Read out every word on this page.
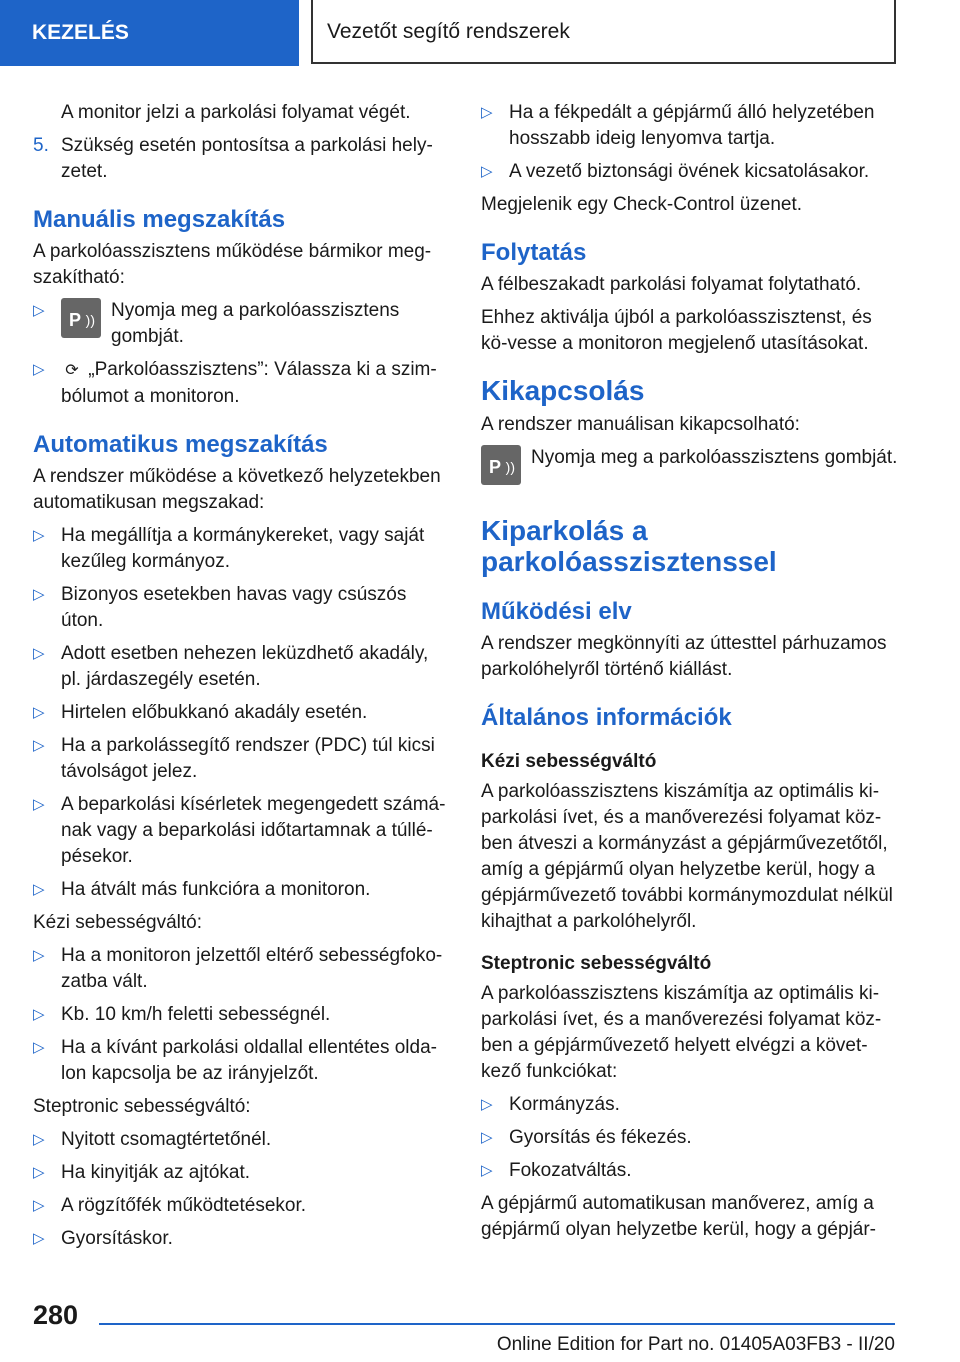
KEZELÉS	Vezetőt segítő rendszerek

A monitor jelzi a parkolási folyamat végét.

5. Szükség esetén pontosítsa a parkolási hely-zetet.
Manuális megszakítás

A parkolóasszisztens működése bármikor meg-szakítható:

▷ P )) Nyomja meg a parkolóasszisztens gombját.
▷ ⟳ „Parkolóasszisztens”: Válassza ki a szim-bólumot a monitoron.
Automatikus megszakítás

A rendszer működése a következő helyzetekben automatikusan megszakad:

▷ Ha megállítja a kormánykereket, vagy saját kezűleg kormányoz.
▷ Bizonyos esetekben havas vagy csúszós úton.
▷ Adott esetben nehezen leküzdhető akadály, pl. járdaszegély esetén.
▷ Hirtelen előbukkanó akadály esetén.
▷ Ha a parkolássegítő rendszer (PDC) túl kicsi távolságot jelez.
▷ A beparkolási kísérletek megengedett számá-nak vagy a beparkolási időtartamnak a túllé-pésekor.
▷ Ha átvált más funkcióra a monitoron.

Kézi sebességváltó:

▷ Ha a monitoron jelzettől eltérő sebességfoko-zatba vált.
▷ Kb. 10 km/h feletti sebességnél.
▷ Ha a kívánt parkolási oldallal ellentétes olda-lon kapcsolja be az irányjelzőt.

Steptronic sebességváltó:

▷ Nyitott csomagtértetőnél.
▷ Ha kinyitják az ajtókat.
▷ A rögzítőfék működtetésekor.
▷ Gyorsításkor.
▷ Ha a fékpedált a gépjármű álló helyzetében hosszabb ideig lenyomva tartja.
▷ A vezető biztonsági övének kicsatolásakor.

Megjelenik egy Check-Control üzenet.

Folytatás

A félbeszakadt parkolási folyamat folytatható.

Ehhez aktiválja újból a parkolóasszisztenst, és kö-vesse a monitoron megjelenő utasításokat.

Kikapcsolás

A rendszer manuálisan kikapcsolható:

P )) Nyomja meg a parkolóasszisztens gombját.
Kiparkolás a parkolóasszisztenssel
Működési elv

A rendszer megkönnyíti az úttesttel párhuzamos parkolóhelyről történő kiállást.

Általános információk
Kézi sebességváltó

A parkolóasszisztens kiszámítja az optimális ki-parkolási ívet, és a manőverezési folyamat köz-ben átveszi a kormányzást a gépjárművezetőtől, amíg a gépjármű olyan helyzetbe kerül, hogy a gépjárművezető további kormánymozdulat nélkül kihajthat a parkolóhelyről.

Steptronic sebességváltó

A parkolóasszisztens kiszámítja az optimális ki-parkolási ívet, és a manőverezési folyamat köz-ben a gépjárművezető helyett elvégzi a követ-kező funkciókat:

▷ Kormányzás.
▷ Gyorsítás és fékezés.
▷ Fokozatváltás.

A gépjármű automatikusan manőverez, amíg a gépjármű olyan helyzetbe kerül, hogy a gépjár-

280
Online Edition for Part no. 01405A03FB3 - II/20
